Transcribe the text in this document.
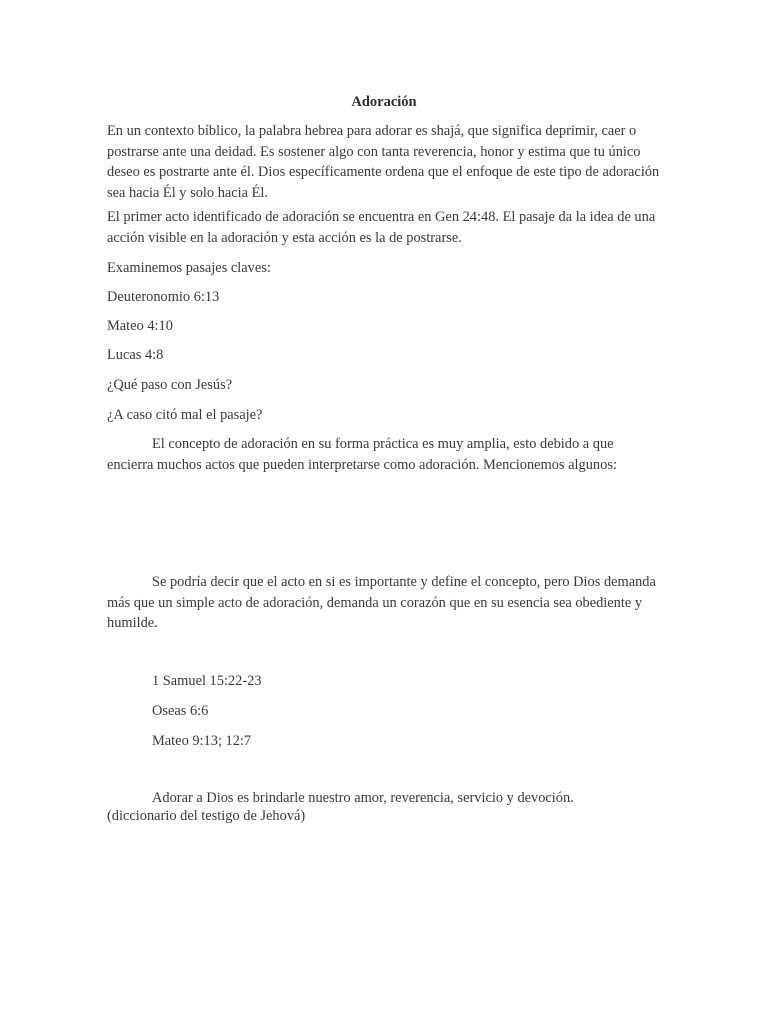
Adoración

En un contexto bíblico, la palabra hebrea para adorar es shajá, que significa deprimir, caer o postrarse ante una deidad. Es sostener algo con tanta reverencia, honor y estima que tu único deseo es postrarte ante él. Dios específicamente ordena que el enfoque de este tipo de adoración sea hacia Él y solo hacia Él.

El primer acto identificado de adoración se encuentra en Gen 24:48. El pasaje da la idea de una acción visible en la adoración y esta acción es la de postrarse.

Examinemos pasajes claves:
Deuteronomio 6:13
Mateo 4:10
Lucas 4:8
¿Qué paso con Jesús?
¿A caso citó mal el pasaje?

El concepto de adoración en su forma práctica es muy amplia, esto debido a que encierra muchos actos que pueden interpretarse como adoración. Mencionemos algunos:

Se podría decir que el acto en si es importante y define el concepto, pero Dios demanda más que un simple acto de adoración, demanda un corazón que en su esencia sea obediente y humilde.

1 Samuel 15:22-23
Oseas 6:6
Mateo 9:13; 12:7
Adorar a Dios es brindarle nuestro amor, reverencia, servicio y devoción.
(diccionario del testigo de Jehová)
